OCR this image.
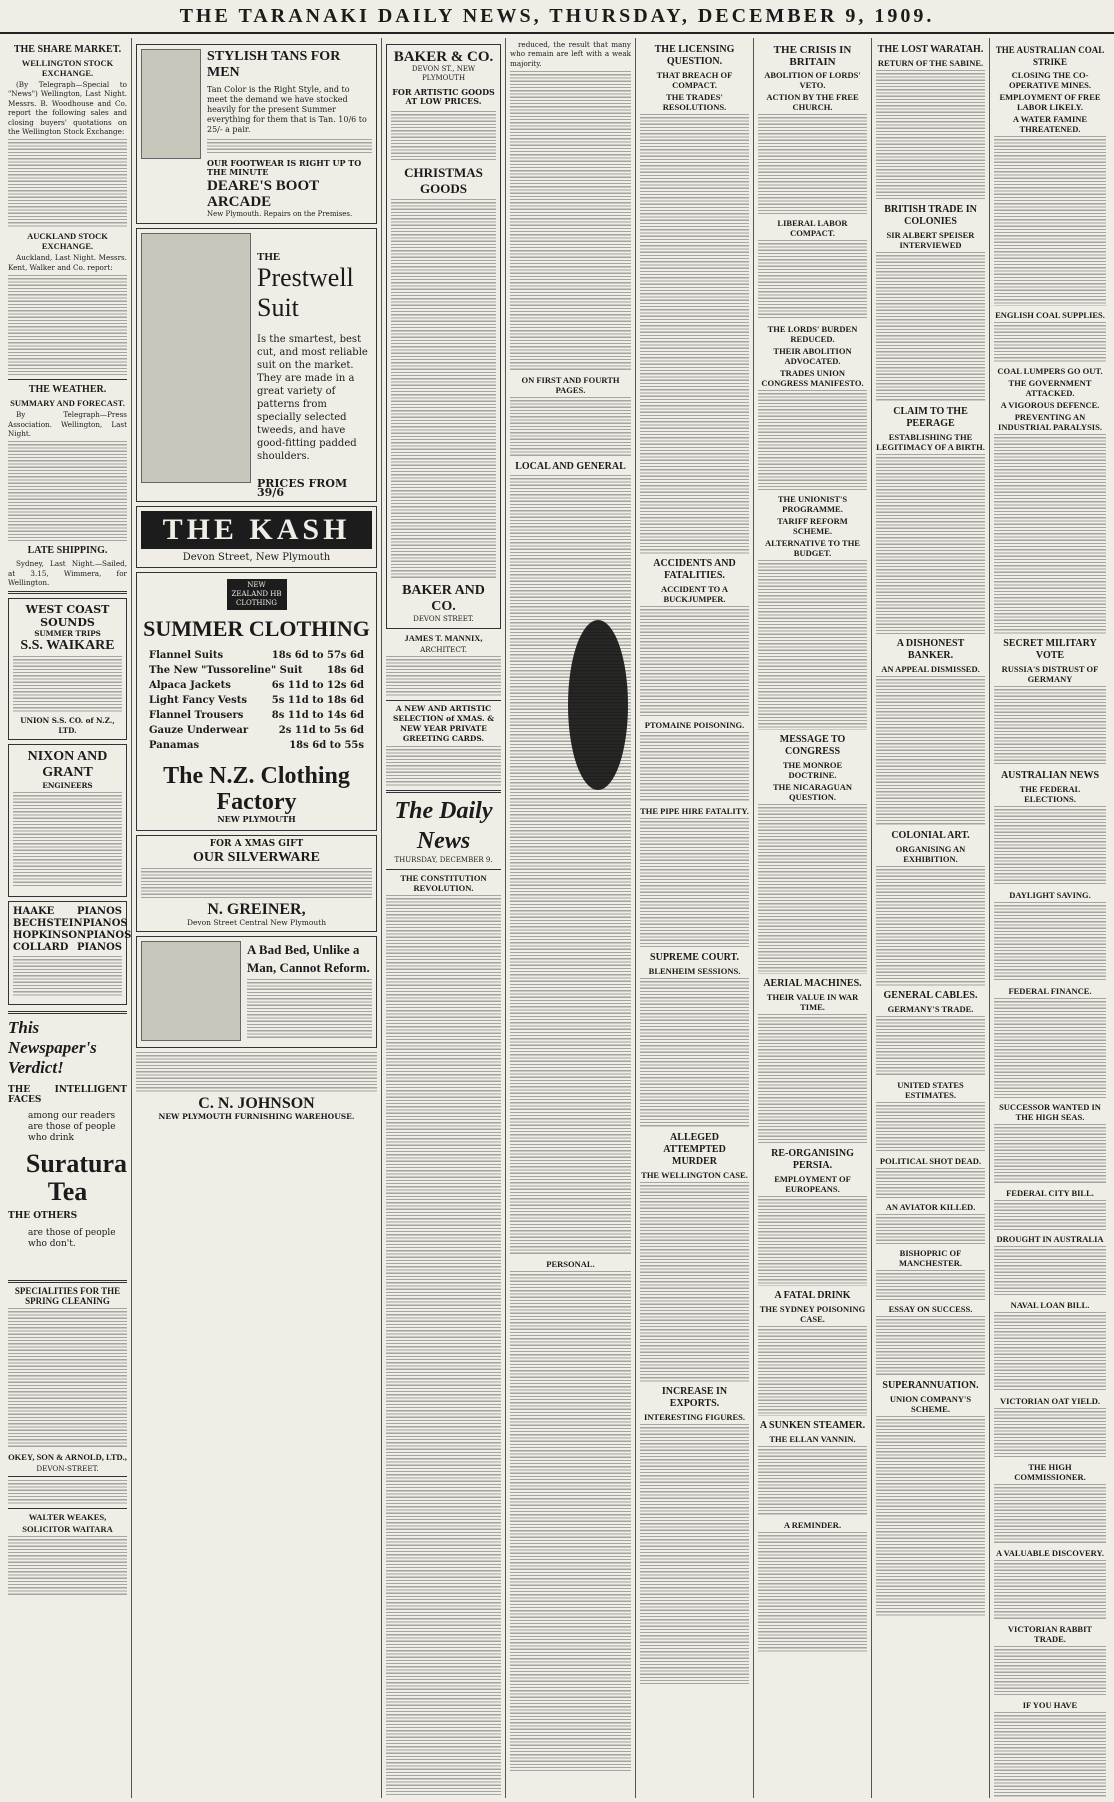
THE TARANAKI DAILY NEWS, THURSDAY, DECEMBER 9, 1909.
THE SHARE MARKET.
WELLINGTON STOCK EXCHANGE.
(By Telegraph—Special to "News") Wellington, Last Night. Messrs. B. Woodhouse and Co. report the following sales and closing buyers' quotations on the Wellington Stock Exchange:
AUCKLAND STOCK EXCHANGE.
Auckland, Last Night. Messrs. Kent, Walker and Co. report:
THE WEATHER.
SUMMARY AND FORECAST.
By Telegraph—Press Association. Wellington, Last Night.
LATE SHIPPING.
Sydney, Last Night.—Sailed, at 3.15, Wimmera, for Wellington.
WEST COAST SOUNDS
SUMMER TRIPS
S.S. WAIKARE
UNION S.S. CO. of N.Z., LTD.
NIXON AND GRANT
ENGINEERS
HAAKE PIANOS
BECHSTEIN PIANOS
HOPKINSON PIANOS
COLLARD PIANOS
This Newspaper's Verdict!
THE INTELLIGENT FACES
among our readers are those of people who drink
Suratura
Tea
THE OTHERS
are those of people who don't.
SPECIALITIES FOR THE SPRING CLEANING
OKEY, SON & ARNOLD, LTD.,
DEVON-STREET.
WALTER WEAKES,
SOLICITOR WAITARA
STYLISH TANS FOR MEN
Tan Color is the Right Style, and to meet the demand we have stocked heavily for the present Summer everything for them that is Tan. 10/6 to 25/- a pair.
OUR FOOTWEAR IS RIGHT UP TO THE MINUTE
DEARE'S BOOT ARCADE
New Plymouth. Repairs on the Premises.
THE
Prestwell
Suit
Is the smartest, best cut, and most reliable suit on the market. They are made in a great variety of patterns from specially selected tweeds, and have good-fitting padded shoulders.
PRICES FROM 39/6
THE KASH
Devon Street, New Plymouth
NEW ZEALAND HB CLOTHING
SUMMER CLOTHING
Flannel Suits	18s 6d to 57s 6d
The New "Tussoreline" Suit 18s 6d
Alpaca Jackets	6s 11d to 12s 6d
Light Fancy Vests 5s 11d to 18s 6d
Flannel Trousers	8s 11d to 14s 6d
Gauze Underwear	2s 11d to 5s 6d
Panamas	18s 6d to 55s
The N.Z. Clothing Factory
NEW PLYMOUTH
FOR A XMAS GIFT
OUR SILVERWARE
N. GREINER,
Devon Street Central New Plymouth
A Bad Bed, Unlike a Man, Cannot Reform.
C. N. JOHNSON
NEW PLYMOUTH FURNISHING WAREHOUSE.
BAKER & CO.
DEVON ST., NEW PLYMOUTH
FOR ARTISTIC GOODS AT LOW PRICES.
CHRISTMAS GOODS
BAKER AND CO.
DEVON STREET.
JAMES T. MANNIX,
ARCHITECT.
A NEW AND ARTISTIC SELECTION of XMAS. & NEW YEAR PRIVATE GREETING CARDS.
The Daily News
THURSDAY, DECEMBER 9.
THE CONSTITUTION REVOLUTION.
reduced, the result that many who remain are left with a weak majority.
ON FIRST AND FOURTH PAGES.
LOCAL AND GENERAL
PERSONAL.
THE LICENSING QUESTION.
THAT BREACH OF COMPACT.
THE TRADES' RESOLUTIONS.
ACCIDENTS AND FATALITIES.
ACCIDENT TO A BUCKJUMPER.
PTOMAINE POISONING.
THE PIPE HIRE FATALITY.
SUPREME COURT.
BLENHEIM SESSIONS.
ALLEGED ATTEMPTED MURDER
THE WELLINGTON CASE.
INCREASE IN EXPORTS.
INTERESTING FIGURES.
THE CRISIS IN BRITAIN
ABOLITION OF LORDS' VETO.
ACTION BY THE FREE CHURCH.
LIBERAL LABOR COMPACT.
THE LORDS' BURDEN REDUCED.
THEIR ABOLITION ADVOCATED.
TRADES UNION CONGRESS MANIFESTO.
THE UNIONIST'S PROGRAMME.
TARIFF REFORM SCHEME.
ALTERNATIVE TO THE BUDGET.
MESSAGE TO CONGRESS
THE MONROE DOCTRINE.
THE NICARAGUAN QUESTION.
AERIAL MACHINES.
THEIR VALUE IN WAR TIME.
RE-ORGANISING PERSIA.
EMPLOYMENT OF EUROPEANS.
A FATAL DRINK
THE SYDNEY POISONING CASE.
A SUNKEN STEAMER.
THE ELLAN VANNIN.
A REMINDER.
THE LOST WARATAH.
RETURN OF THE SABINE.
BRITISH TRADE IN COLONIES
SIR ALBERT SPEISER INTERVIEWED
CLAIM TO THE PEERAGE
ESTABLISHING THE LEGITIMACY OF A BIRTH.
A DISHONEST BANKER.
AN APPEAL DISMISSED.
COLONIAL ART.
ORGANISING AN EXHIBITION.
GENERAL CABLES.
GERMANY'S TRADE.
UNITED STATES ESTIMATES.
POLITICAL SHOT DEAD.
AN AVIATOR KILLED.
BISHOPRIC OF MANCHESTER.
ESSAY ON SUCCESS.
SUPERANNUATION.
UNION COMPANY'S SCHEME.
THE AUSTRALIAN COAL STRIKE
CLOSING THE CO-OPERATIVE MINES.
EMPLOYMENT OF FREE LABOR LIKELY.
A WATER FAMINE THREATENED.
ENGLISH COAL SUPPLIES.
COAL LUMPERS GO OUT.
THE GOVERNMENT ATTACKED.
A VIGOROUS DEFENCE.
PREVENTING AN INDUSTRIAL PARALYSIS.
SECRET MILITARY VOTE
RUSSIA'S DISTRUST OF GERMANY
AUSTRALIAN NEWS
THE FEDERAL ELECTIONS.
DAYLIGHT SAVING.
FEDERAL FINANCE.
SUCCESSOR WANTED IN THE HIGH SEAS.
FEDERAL CITY BILL.
DROUGHT IN AUSTRALIA
NAVAL LOAN BILL.
VICTORIAN OAT YIELD.
THE HIGH COMMISSIONER.
A VALUABLE DISCOVERY.
VICTORIAN RABBIT TRADE.
IF YOU HAVE
